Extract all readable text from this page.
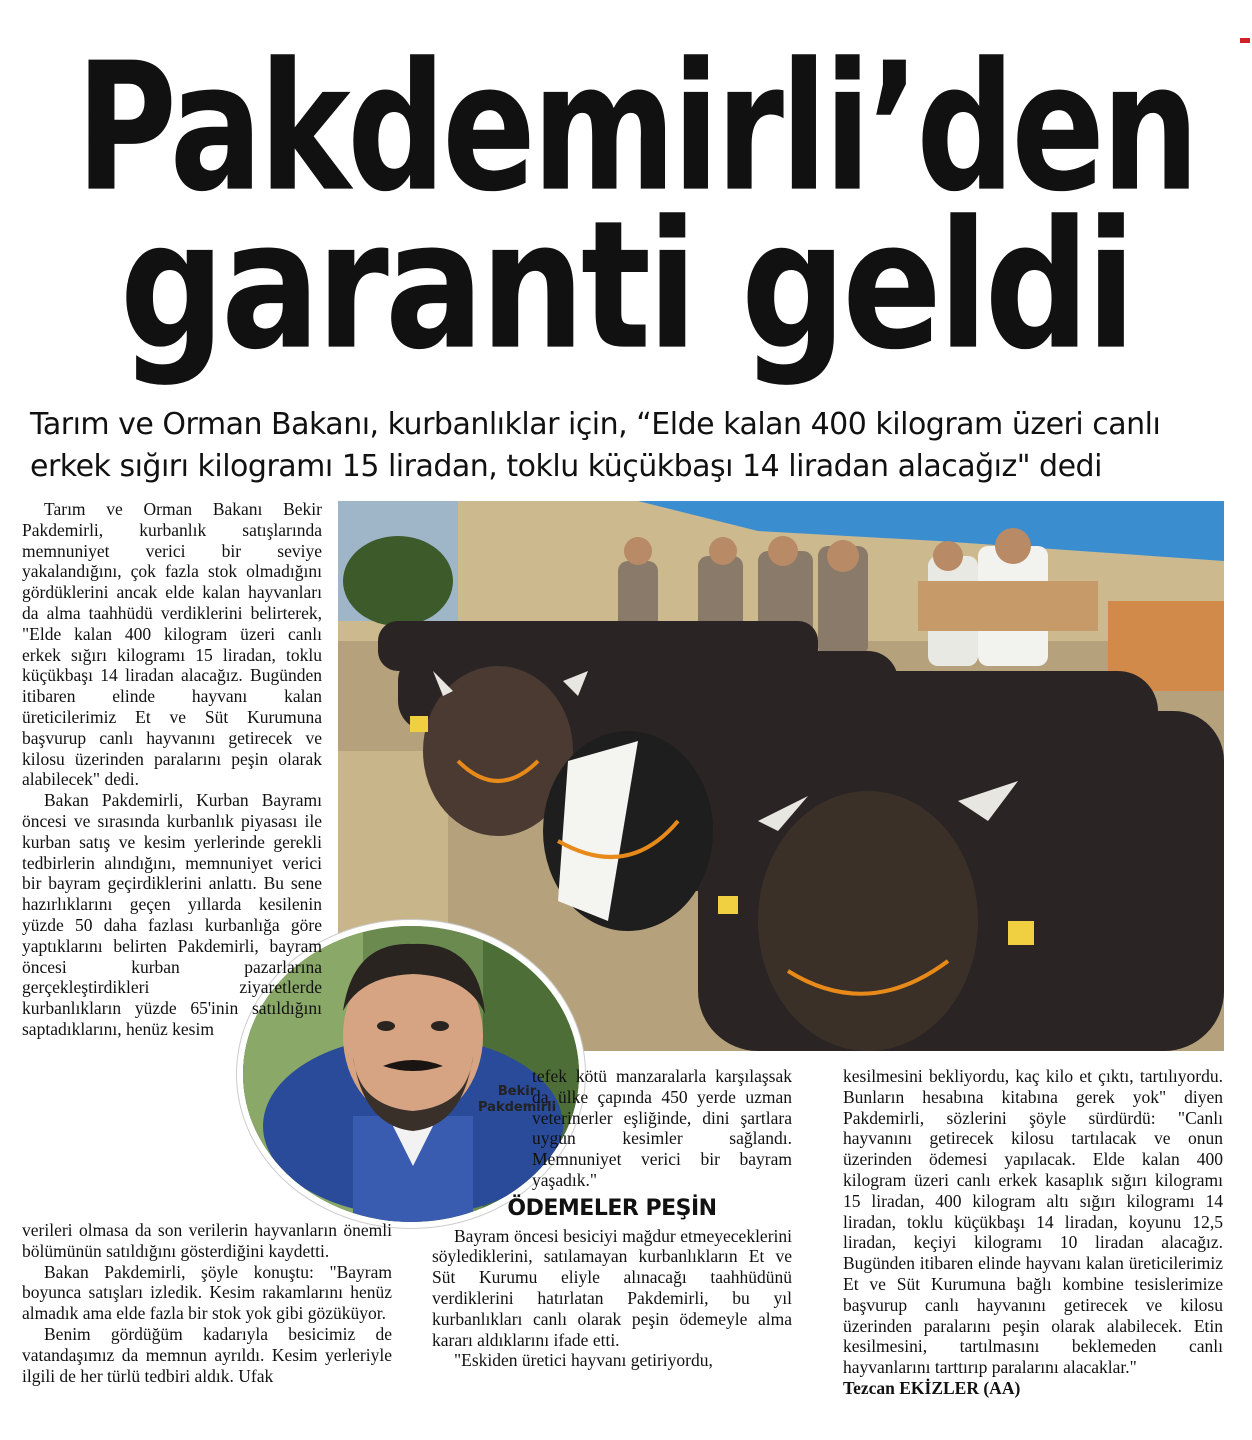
Pakdemirli’den
garanti geldi
Tarım ve Orman Bakanı, kurbanlıklar için, “Elde kalan 400 kilogram üzeri canlı
erkek sığırı kilogramı 15 liradan, toklu küçükbaşı 14 liradan alacağız" dedi
Bekir
Pakdemirli

Tarım ve Orman Bakanı Bekir Pakdemirli, kurbanlık satışlarında memnuniyet verici bir seviye yakalandığını, çok fazla stok olmadığını gördüklerini ancak elde kalan hayvanları da alma taahhüdü verdiklerini belirterek, "Elde kalan 400 kilogram üzeri canlı erkek sığırı kilogramı 15 liradan, toklu küçükbaşı 14 liradan alacağız. Bugünden itibaren elinde hayvanı kalan üreticilerimiz Et ve Süt Kurumuna başvurup canlı hayvanını getirecek ve kilosu üzerinden paralarını peşin olarak alabilecek" dedi.

Bakan Pakdemirli, Kurban Bayramı öncesi ve sırasında kurbanlık piyasası ile kurban satış ve kesim yerlerinde gerekli tedbirlerin alındığını, memnuniyet verici bir bayram geçirdiklerini anlattı. Bu sene hazırlıklarını geçen yıllarda kesilenin yüzde 50 daha fazlası kurbanlığa göre yaptıklarını belirten Pakdemirli, bayram öncesi kurban pazarlarına gerçekleştirdikleri ziyaretlerde kurbanlıkların yüzde 65'inin satıldığını saptadıklarını, henüz kesim

verileri olmasa da son verilerin hayvanların önemli bölümünün satıldığını gösterdiğini kaydetti.

Bakan Pakdemirli, şöyle konuştu: "Bayram boyunca satışları izledik. Kesim rakamlarını henüz almadık ama elde fazla bir stok yok gibi gözüküyor.

Benim gördüğüm kadarıyla besicimiz de vatandaşımız da memnun ayrıldı. Kesim yerleriyle ilgili de her türlü tedbiri aldık. Ufak

tefek kötü manzaralarla karşılaşsak da ülke çapında 450 yerde uzman veterinerler eşliğinde, dini şartlara uygun kesimler sağlandı. Memnuniyet verici bir bayram yaşadık."

ÖDEMELER PEŞİN

Bayram öncesi besiciyi mağdur etmeyeceklerini söylediklerini, satılamayan kurbanlıkların Et ve Süt Kurumu eliyle alınacağı taahhüdünü verdiklerini hatırlatan Pakdemirli, bu yıl kurbanlıkları canlı olarak peşin ödemeyle alma kararı aldıklarını ifade etti.

"Eskiden üretici hayvanı getiriyordu,

kesilmesini bekliyordu, kaç kilo et çıktı, tartılıyordu. Bunların hesabına kitabına gerek yok" diyen Pakdemirli, sözlerini şöyle sürdürdü: "Canlı hayvanını getirecek kilosu tartılacak ve onun üzerinden ödemesi yapılacak. Elde kalan 400 kilogram üzeri canlı erkek kasaplık sığırı kilogramı 15 liradan, 400 kilogram altı sığırı kilogramı 14 liradan, toklu küçükbaşı 14 liradan, koyunu 12,5 liradan, keçiyi kilogramı 10 liradan alacağız. Bugünden itibaren elinde hayvanı kalan üreticilerimiz Et ve Süt Kurumuna bağlı kombine tesislerimize başvurup canlı hayvanını getirecek ve kilosu üzerinden paralarını peşin olarak alabilecek. Etin kesilmesini, tartılmasını beklemeden canlı hayvanlarını tarttırıp paralarını alacaklar."

Tezcan EKİZLER (AA)
